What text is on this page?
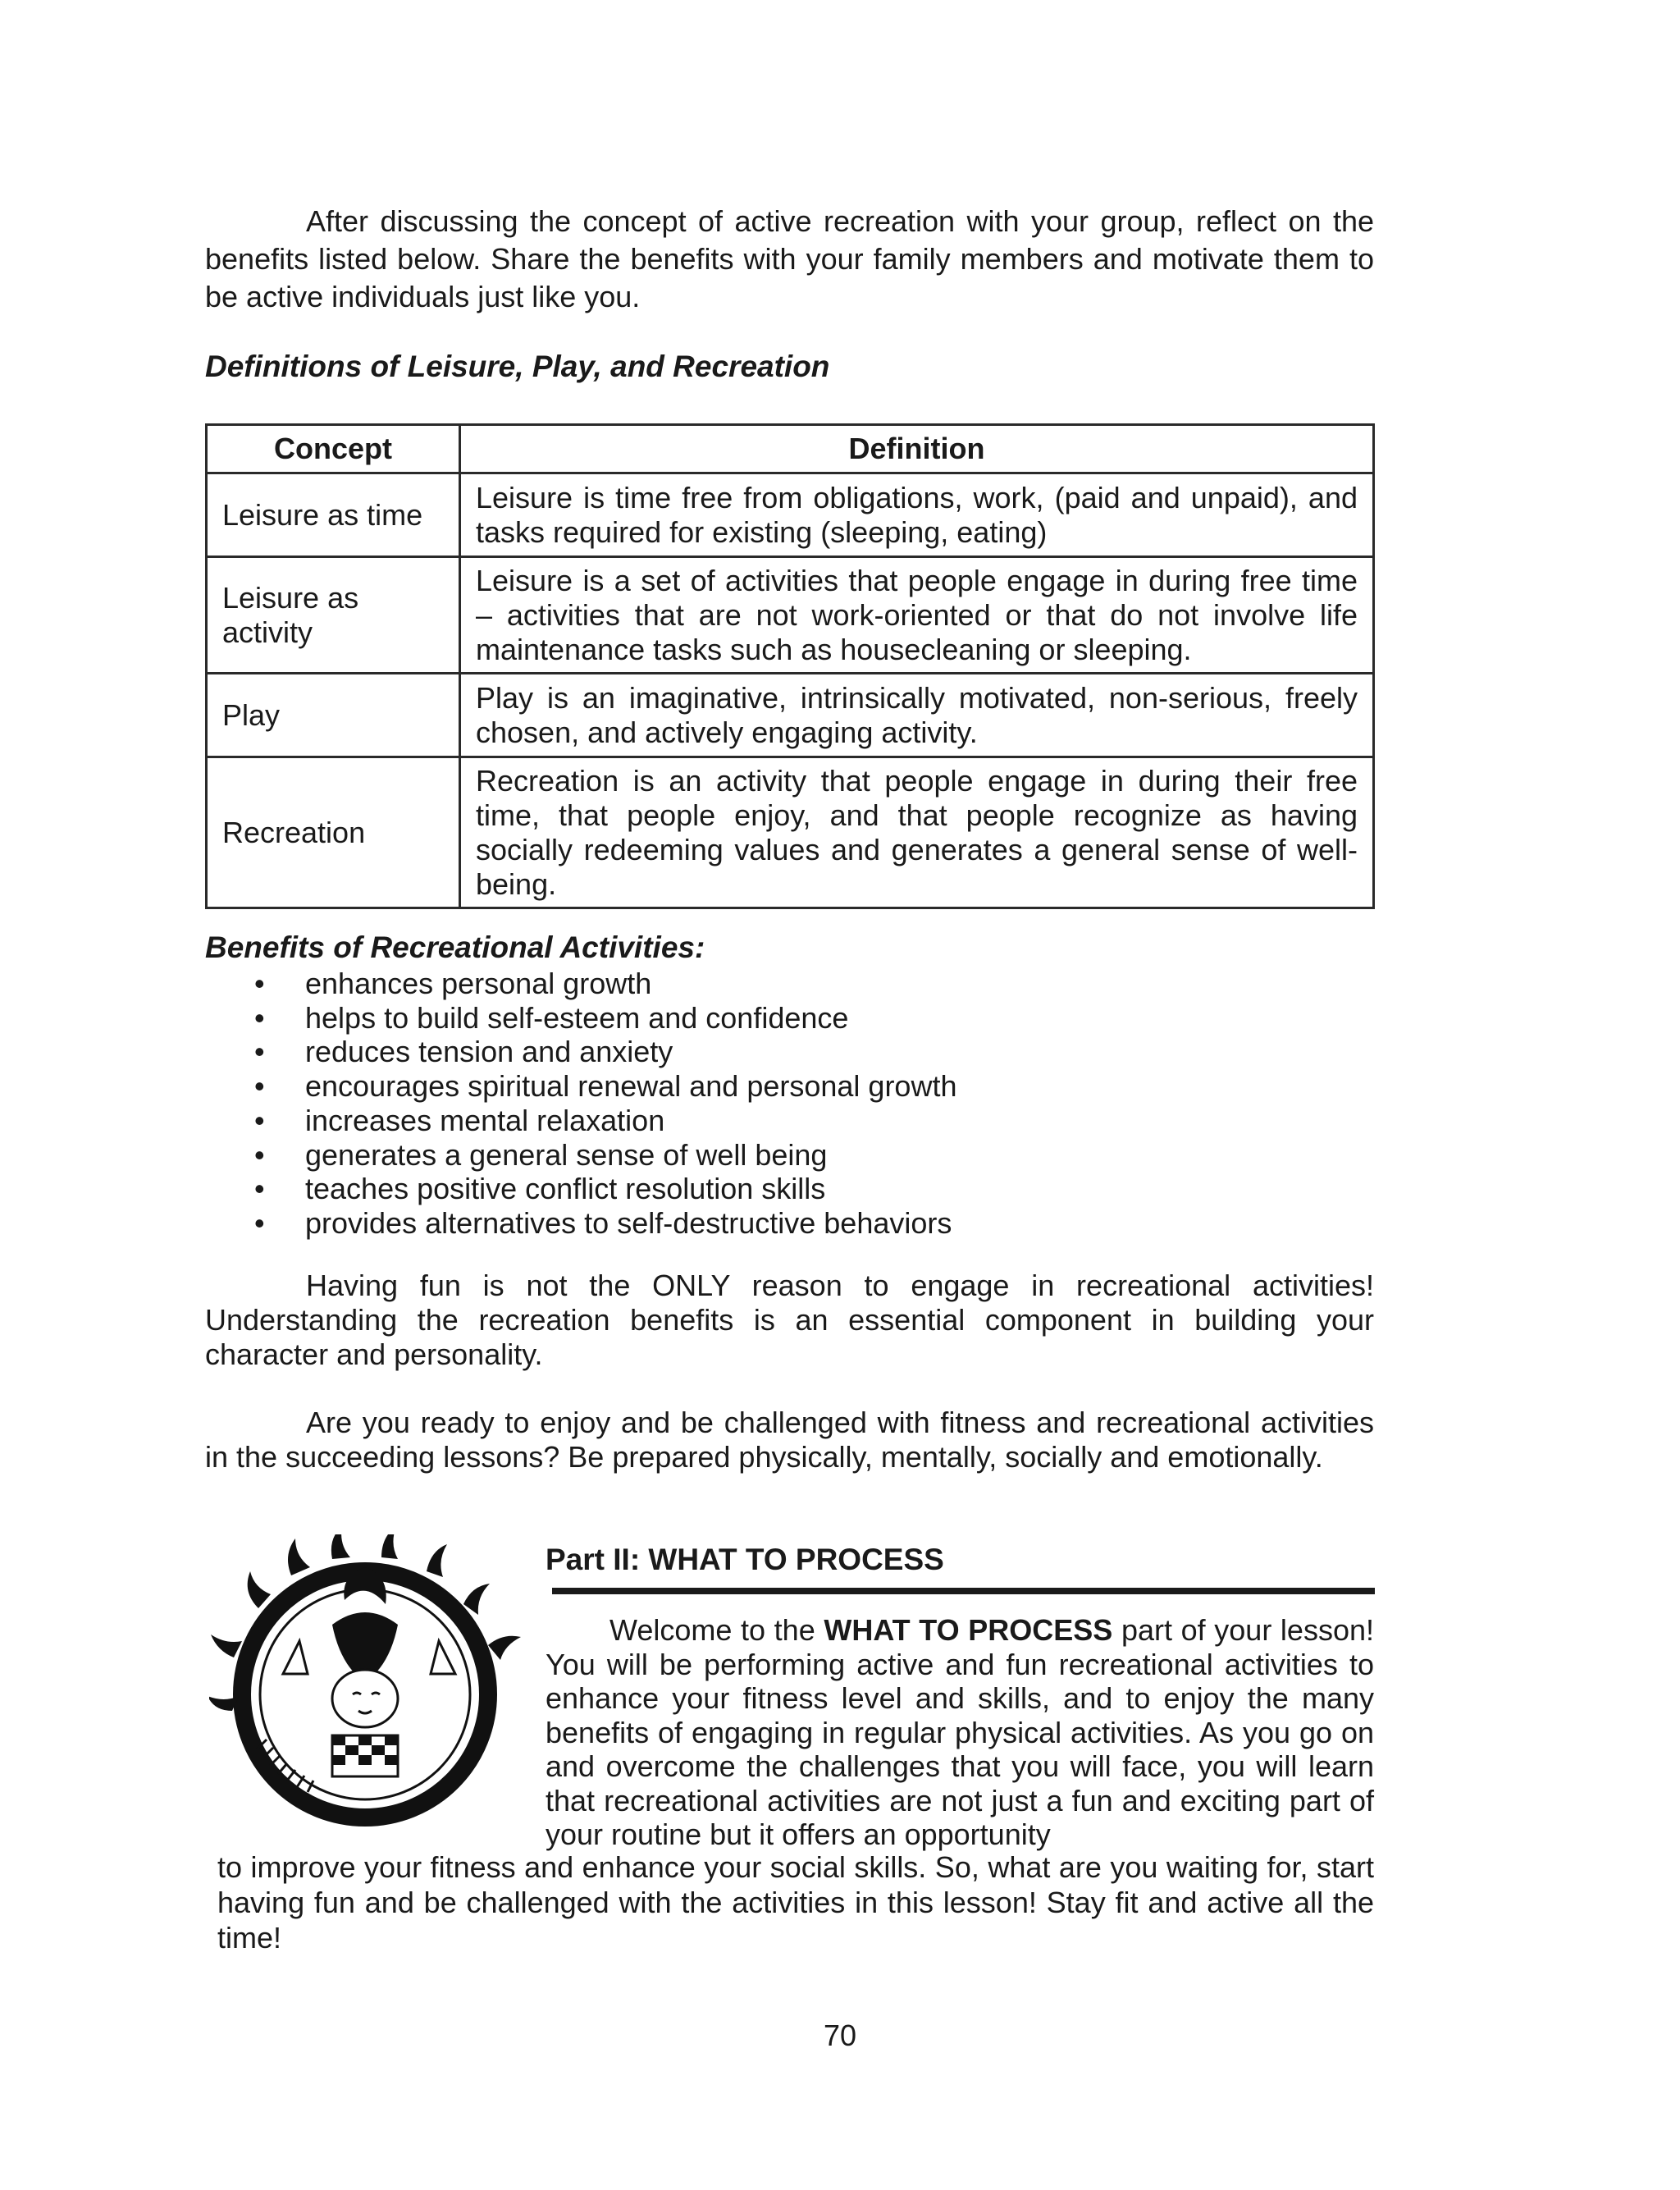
After discussing the concept of active recreation with your group, reflect on the benefits listed below. Share the benefits with your family members and motivate them to be active individuals just like you.

Definitions of Leisure, Play, and Recreation

Concept	Definition
Leisure as time	Leisure is time free from obligations, work, (paid and unpaid), and tasks required for existing (sleeping, eating)
Leisure as activity	Leisure is a set of activities that people engage in during free time – activities that are not work-oriented or that do not involve life maintenance tasks such as housecleaning or sleeping.
Play	Play is an imaginative, intrinsically motivated, non-serious, freely chosen, and actively engaging activity.
Recreation	Recreation is an activity that people engage in during their free time, that people enjoy, and that people recognize as having socially redeeming values and generates a general sense of well-being.

Benefits of Recreational Activities:

• enhances personal growth
• helps to build self-esteem and confidence
• reduces tension and anxiety
• encourages spiritual renewal and personal growth
• increases mental relaxation
• generates a general sense of well being
• teaches positive conflict resolution skills
• provides alternatives to self-destructive behaviors

Having fun is not the ONLY reason to engage in recreational activities! Understanding the recreation benefits is an essential component in building your character and personality.

Are you ready to enjoy and be challenged with fitness and recreational activities in the succeeding lessons? Be prepared physically, mentally, socially and emotionally.

Part II: WHAT TO PROCESS

Welcome to the WHAT TO PROCESS part of your lesson! You will be performing active and fun recreational activities to enhance your fitness level and skills, and to enjoy the many benefits of engaging in regular physical activities. As you go on and overcome the challenges that you will face, you will learn that recreational activities are not just a fun and exciting part of your routine but it offers an opportunity

to improve your fitness and enhance your social skills. So, what are you waiting for, start having fun and be challenged with the activities in this lesson! Stay fit and active all the time!

70
